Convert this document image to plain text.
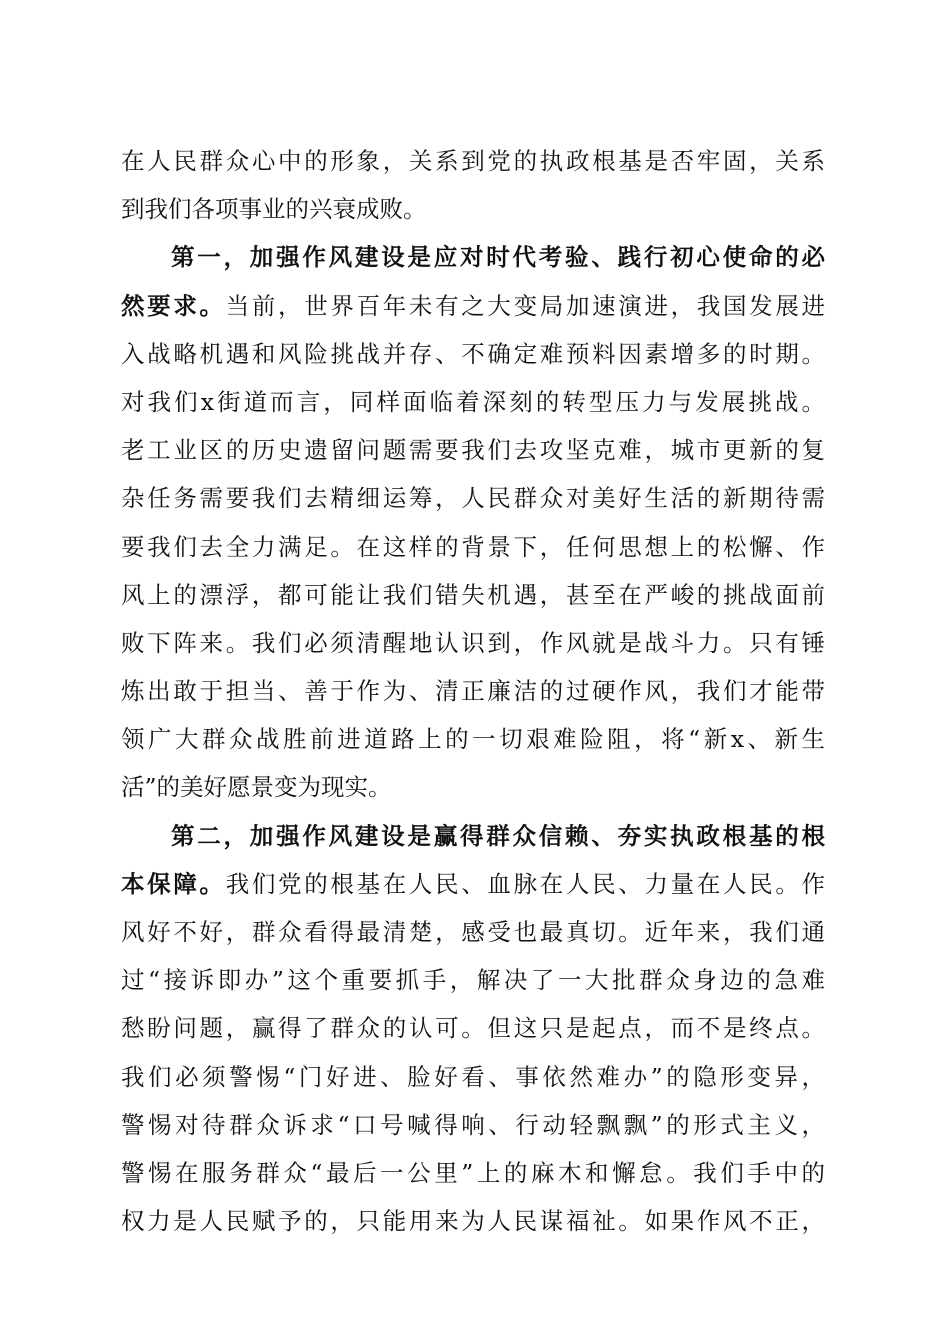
在人民群众心中的形象，关系到党的执政根基是否牢固，关系
到我们各项事业的兴衰成败。
第一，加强作风建设是应对时代考验、践行初心使命的必
然要求。当前，世界百年未有之大变局加速演进，我国发展进
入战略机遇和风险挑战并存、不确定难预料因素增多的时期。
对我们x街道而言，同样面临着深刻的转型压力与发展挑战。
老工业区的历史遗留问题需要我们去攻坚克难，城市更新的复
杂任务需要我们去精细运筹，人民群众对美好生活的新期待需
要我们去全力满足。在这样的背景下，任何思想上的松懈、作
风上的漂浮，都可能让我们错失机遇，甚至在严峻的挑战面前
败下阵来。我们必须清醒地认识到，作风就是战斗力。只有锤
炼出敢于担当、善于作为、清正廉洁的过硬作风，我们才能带
领广大群众战胜前进道路上的一切艰难险阻，将“新x、新生
活”的美好愿景变为现实。
第二，加强作风建设是赢得群众信赖、夯实执政根基的根
本保障。我们党的根基在人民、血脉在人民、力量在人民。作
风好不好，群众看得最清楚，感受也最真切。近年来，我们通
过“接诉即办”这个重要抓手，解决了一大批群众身边的急难
愁盼问题，赢得了群众的认可。但这只是起点，而不是终点。
我们必须警惕“门好进、脸好看、事依然难办”的隐形变异，
警惕对待群众诉求“口号喊得响、行动轻飘飘”的形式主义，
警惕在服务群众“最后一公里”上的麻木和懈怠。我们手中的
权力是人民赋予的，只能用来为人民谋福祉。如果作风不正，
